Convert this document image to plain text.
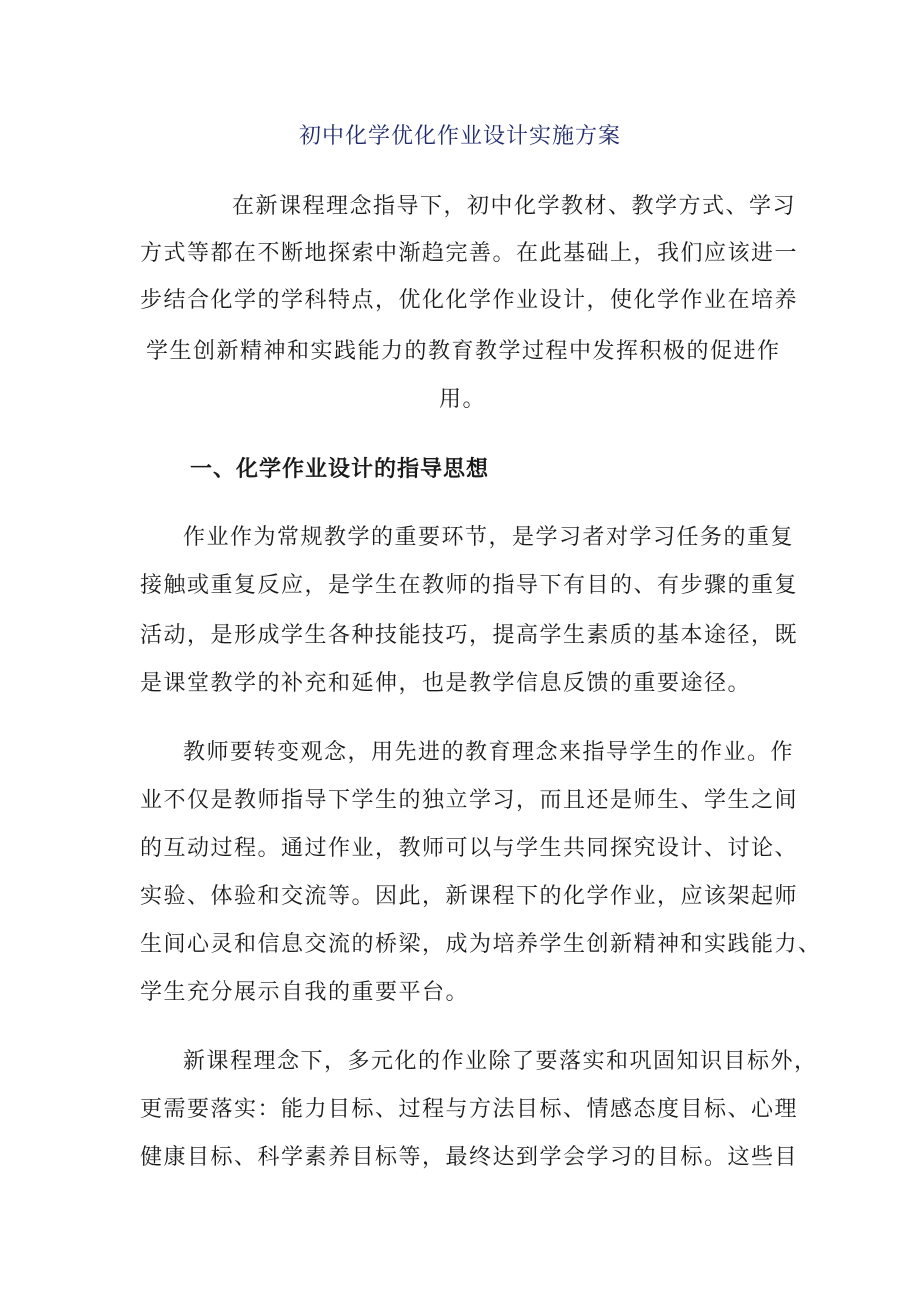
初中化学优化作业设计实施方案
在新课程理念指导下，初中化学教材、教学方式、学习
方式等都在不断地探索中渐趋完善。在此基础上，我们应该进一
步结合化学的学科特点，优化化学作业设计，使化学作业在培养
学生创新精神和实践能力的教育教学过程中发挥积极的促进作
用。
一、化学作业设计的指导思想
作业作为常规教学的重要环节，是学习者对学习任务的重复
接触或重复反应，是学生在教师的指导下有目的、有步骤的重复
活动，是形成学生各种技能技巧，提高学生素质的基本途径，既
是课堂教学的补充和延伸，也是教学信息反馈的重要途径。
教师要转变观念，用先进的教育理念来指导学生的作业。作
业不仅是教师指导下学生的独立学习，而且还是师生、学生之间
的互动过程。通过作业，教师可以与学生共同探究设计、讨论、
实验、体验和交流等。因此，新课程下的化学作业，应该架起师
生间心灵和信息交流的桥梁，成为培养学生创新精神和实践能力、
学生充分展示自我的重要平台。
新课程理念下，多元化的作业除了要落实和巩固知识目标外，
更需要落实：能力目标、过程与方法目标、情感态度目标、心理
健康目标、科学素养目标等，最终达到学会学习的目标。这些目
